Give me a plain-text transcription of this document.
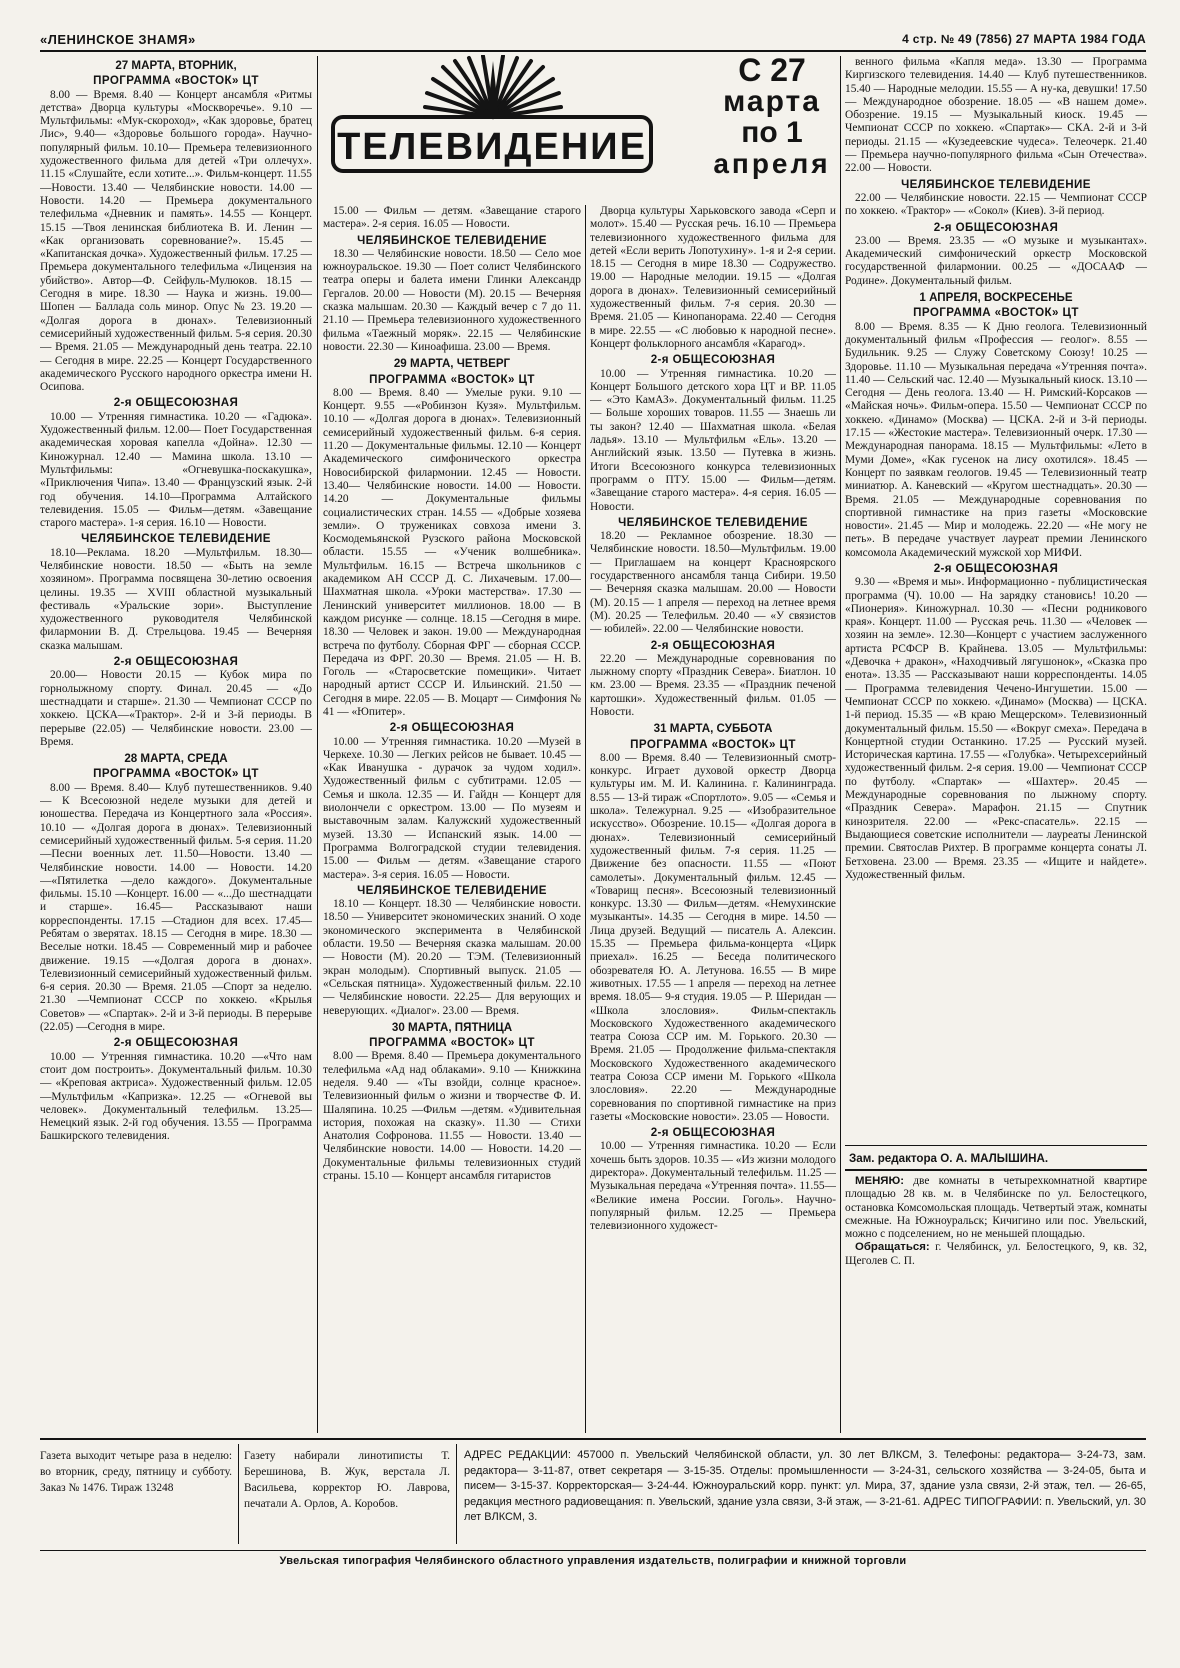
«ЛЕНИНСКОЕ ЗНАМЯ»	4 стр. № 49 (7856) 27 МАРТА 1984 ГОДА
ТЕЛЕВИДЕНИЕ
С 27
марта
по 1
апреля
27 МАРТА, ВТОРНИК,
ПРОГРАММА «ВОСТОК» ЦТ

8.00 — Время. 8.40 — Концерт ансамбля «Ритмы детства» Дворца культуры «Москворечье». 9.10 — Мультфильмы: «Мук-скороход», «Как здоровье, братец Лис», 9.40— «Здоровье большого города». Научно-популярный фильм. 10.10— Премьера телевизионного художественного фильма для детей «Три оллечух». 11.15 «Слушайте, если хотите...». Фильм-концерт. 11.55 —Новости. 13.40 — Челябинские новости. 14.00 — Новости. 14.20 — Премьера документального телефильма «Дневник и память». 14.55 — Концерт. 15.15 —Твоя ленинская библиотека В. И. Ленин — «Как организовать соревнование?». 15.45 — «Капитанская дочка». Художественный фильм. 17.25 — Премьера документального телефильма «Лицензия на убийство». Автор—Ф. Сейфуль-Мулюков. 18.15 — Сегодня в мире. 18.30 — Наука и жизнь. 19.00— Шопен — Баллада соль минор. Опус № 23. 19.20 — «Долгая дорога в дюнах». Телевизионный семисерийный художественный фильм. 5-я серия. 20.30— Время. 21.05 — Международный день театра. 22.10 — Сегодня в мире. 22.25 — Концерт Государственного академического Русского народного оркестра имени Н. Осипова.

2-я ОБЩЕСОЮЗНАЯ

10.00 — Утренняя гимнастика. 10.20 — «Гадюка». Художественный фильм. 12.00— Поет Государственная академическая хоровая капелла «Дойна». 12.30 — Киножурнал. 12.40 — Мамина школа. 13.10 — Мультфильмы: «Огневушка-поскакушка», «Приключения Чипа». 13.40 — Французский язык. 2-й год обучения. 14.10—Программа Алтайского телевидения. 15.05 — Фильм—детям. «Завещание старого мастера». 1-я серия. 16.10 — Новости.

ЧЕЛЯБИНСКОЕ ТЕЛЕВИДЕНИЕ

18.10—Реклама. 18.20 —Мультфильм. 18.30— Челябинские новости. 18.50 — «Быть на земле хозяином». Программа посвящена 30-летию освоения целины. 19.35 — XVIII областной музыкальный фестиваль «Уральские зори». Выступление художественного руководителя Челябинской филармонии В. Д. Стрельцова. 19.45 — Вечерняя сказка малышам.

2-я ОБЩЕСОЮЗНАЯ

20.00— Новости 20.15 — Кубок мира по горнолыжному спорту. Финал. 20.45 — «До шестнадцати и старше». 21.30 — Чемпионат СССР по хоккею. ЦСКА—«Трактор». 2-й и 3-й периоды. В перерыве (22.05) — Челябинские новости. 23.00 — Время.

28 МАРТА, СРЕДА
ПРОГРАММА «ВОСТОК» ЦТ

8.00 — Время. 8.40— Клуб путешественников. 9.40— К Всесоюзной неделе музыки для детей и юношества. Передача из Концертного зала «Россия». 10.10 — «Долгая дорога в дюнах». Телевизионный семисерийный художественный фильм. 5-я серия. 11.20 —Песни военных лет. 11.50—Новости. 13.40 — Челябинские новости. 14.00 — Новости. 14.20 —«Пятилетка —дело каждого». Документальные фильмы. 15.10 —Концерт. 16.00 — «...До шестнадцати и старше». 16.45— Рассказывают наши корреспонденты. 17.15 —Стадион для всех. 17.45—Ребятам о зверятах. 18.15 — Сегодня в мире. 18.30 —Веселые нотки. 18.45 — Современный мир и рабочее движение. 19.15 —«Долгая дорога в дюнах». Телевизионный семисерийный художественный фильм. 6-я серия. 20.30 — Время. 21.05 —Спорт за неделю. 21.30 —Чемпионат СССР по хоккею. «Крылья Советов» — «Спартак». 2-й и 3-й периоды. В перерыве (22.05) —Сегодня в мире.

2-я ОБЩЕСОЮЗНАЯ

10.00 — Утренняя гимнастика. 10.20 —«Что нам стоит дом построить». Документальный фильм. 10.30— «Креповая актриса». Художественный фильм. 12.05—Мультфильм «Капризка». 12.25 — «Огневой вы человек». Документальный телефильм. 13.25— Немецкий язык. 2-й год обучения. 13.55 — Программа Башкирского телевидения.

15.00 — Фильм — детям. «Завещание старого мастера». 2-я серия. 16.05 — Новости.

ЧЕЛЯБИНСКОЕ ТЕЛЕВИДЕНИЕ

18.30 — Челябинские новости. 18.50 — Село мое южноуральское. 19.30 — Поет солист Челябинского театра оперы и балета имени Глинки Александр Гергалов. 20.00 — Новости (М). 20.15 — Вечерняя сказка малышам. 20.30 — Каждый вечер с 7 до 11. 21.10 — Премьера телевизионного художественного фильма «Таежный моряк». 22.15 — Челябинские новости. 22.30 — Киноафиша. 23.00 — Время.

29 МАРТА, ЧЕТВЕРГ
ПРОГРАММА «ВОСТОК» ЦТ

8.00 — Время. 8.40 — Умелые руки. 9.10 — Концерт. 9.55 —«Робинзон Кузя». Мультфильм. 10.10 — «Долгая дорога в дюнах». Телевизионный семисерийный художественный фильм. 6-я серия. 11.20 — Документальные фильмы. 12.10 — Концерт Академического симфонического оркестра Новосибирской филармонии. 12.45 — Новости. 13.40— Челябинские новости. 14.00 — Новости. 14.20 — Документальные фильмы социалистических стран. 14.55 — «Добрые хозяева земли». О тружениках совхоза имени З. Космодемьянской Рузского района Московской области. 15.55 — «Ученик волшебника». Мультфильм. 16.15 — Встреча школьников с академиком АН СССР Д. С. Лихачевым. 17.00— Шахматная школа. «Уроки мастерства». 17.30 — Ленинский университет миллионов. 18.00 — В каждом рисунке — солнце. 18.15 —Сегодня в мире. 18.30 — Человек и закон. 19.00 — Международная встреча по футболу. Сборная ФРГ — сборная СССР. Передача из ФРГ. 20.30 — Время. 21.05 — Н. В. Гоголь — «Старосветские помещики». Читает народный артист СССР И. Ильинский. 21.50 — Сегодня в мире. 22.05 — В. Моцарт — Симфония № 41 — «Юпитер».

2-я ОБЩЕСОЮЗНАЯ

10.00 — Утренняя гимнастика. 10.20 —Музей в Черкехе. 10.30 — Легких рейсов не бывает. 10.45 — «Как Иванушка - дурачок за чудом ходил». Художественный фильм с субтитрами. 12.05 — Семья и школа. 12.35 — И. Гайдн — Концерт для виолончели с оркестром. 13.00 — По музеям и выставочным залам. Калужский художественный музей. 13.30 — Испанский язык. 14.00 — Программа Волгоградской студии телевидения. 15.00 — Фильм — детям. «Завещание старого мастера». 3-я серия. 16.05 — Новости.

ЧЕЛЯБИНСКОЕ ТЕЛЕВИДЕНИЕ

18.10 — Концерт. 18.30 — Челябинские новости. 18.50 — Университет экономических знаний. О ходе экономического эксперимента в Челябинской области. 19.50 — Вечерняя сказка малышам. 20.00 — Новости (М). 20.20 — ТЭМ. (Телевизионный экран молодым). Спортивный выпуск. 21.05 — «Сельская пятница». Художественный фильм. 22.10 — Челябинские новости. 22.25— Для верующих и неверующих. «Диалог». 23.00 — Время.

30 МАРТА, ПЯТНИЦА
ПРОГРАММА «ВОСТОК» ЦТ

8.00 — Время. 8.40 — Премьера документального телефильма «Ад над облаками». 9.10 — Книжкина неделя. 9.40 — «Ты взойди, солнце красное». Телевизионный фильм о жизни и творчестве Ф. И. Шаляпина. 10.25 —Фильм —детям. «Удивительная история, похожая на сказку». 11.30 — Стихи Анатолия Софронова. 11.55 — Новости. 13.40 — Челябинские новости. 14.00 — Новости. 14.20 — Документальные фильмы телевизионных студий страны. 15.10 — Концерт ансамбля гитаристов

Дворца культуры Харьковского завода «Серп и молот». 15.40 — Русская речь. 16.10 — Премьера телевизионного художественного фильма для детей «Если верить Лопотухину». 1-я и 2-я серии. 18.15 — Сегодня в мире 18.30 — Содружество. 19.00 — Народные мелодии. 19.15 — «Долгая дорога в дюнах». Телевизионный семисерийный художественный фильм. 7-я серия. 20.30 — Время. 21.05 — Кинопанорама. 22.40 — Сегодня в мире. 22.55 — «С любовью к народной песне». Концерт фольклорного ансамбля «Карагод».

2-я ОБЩЕСОЮЗНАЯ

10.00 — Утренняя гимнастика. 10.20 — Концерт Большого детского хора ЦТ и ВР. 11.05 — «Это КамАЗ». Документальный фильм. 11.25 — Больше хороших товаров. 11.55 — Знаешь ли ты закон? 12.40 — Шахматная школа. «Белая ладья». 13.10 — Мультфильм «Ель». 13.20 — Английский язык. 13.50 — Путевка в жизнь. Итоги Всесоюзного конкурса телевизионных программ о ПТУ. 15.00 — Фильм—детям. «Завещание старого мастера». 4-я серия. 16.05 — Новости.

ЧЕЛЯБИНСКОЕ ТЕЛЕВИДЕНИЕ

18.20 — Рекламное обозрение. 18.30 — Челябинские новости. 18.50—Мультфильм. 19.00 — Приглашаем на концерт Красноярского государственного ансамбля танца Сибири. 19.50 — Вечерняя сказка малышам. 20.00 — Новости (М). 20.15 — 1 апреля — переход на летнее время (М). 20.25 — Телефильм. 20.40 — «У связистов — юбилей». 22.00 — Челябинские новости.

2-я ОБЩЕСОЮЗНАЯ

22.20 — Международные соревнования по лыжному спорту «Праздник Севера». Биатлон. 10 км. 23.00 — Время. 23.35 — «Праздник печеной картошки». Художественный фильм. 01.05 — Новости.

31 МАРТА, СУББОТА
ПРОГРАММА «ВОСТОК» ЦТ

8.00 — Время. 8.40 — Телевизионный смотр-конкурс. Играет духовой оркестр Дворца культуры им. М. И. Калинина. г. Калининграда. 8.55 — 13-й тираж «Спортлото». 9.05 — «Семья и школа». Тележурнал. 9.25 — «Изобразительное искусство». Обозрение. 10.15— «Долгая дорога в дюнах». Телевизионный семисерийный художественный фильм. 7-я серия. 11.25 — Движение без опасности. 11.55 — «Поют самолеты». Документальный фильм. 12.45 — «Товарищ песня». Всесоюзный телевизионный конкурс. 13.30 — Фильм—детям. «Немухинские музыканты». 14.35 — Сегодня в мире. 14.50 — Лица друзей. Ведущий — писатель А. Алексин. 15.35 — Премьера фильма-концерта «Цирк приехал». 16.25 — Беседа политического обозревателя Ю. А. Летунова. 16.55 — В мире животных. 17.55 — 1 апреля — переход на летнее время. 18.05— 9-я студия. 19.05 — Р. Шеридан — «Школа злословия». Фильм-спектакль Московского Художественного академического театра Союза ССР им. М. Горького. 20.30 —Время. 21.05 — Продолжение фильма-спектакля Московского Художественного академического театра Союза ССР имени М. Горького «Школа злословия». 22.20 — Международные соревнования по спортивной гимнастике на приз газеты «Московские новости». 23.05 — Новости.

2-я ОБЩЕСОЮЗНАЯ

10.00 — Утренняя гимнастика. 10.20 — Если хочешь быть здоров. 10.35 — «Из жизни молодого директора». Документальный телефильм. 11.25 — Музыкальная передача «Утренняя почта». 11.55— «Великие имена России. Гоголь». Научно-популярный фильм. 12.25 — Премьера телевизионного художест-

венного фильма «Капля меда». 13.30 — Программа Киргизского телевидения. 14.40 — Клуб путешественников. 15.40 — Народные мелодии. 15.55 — А ну-ка, девушки! 17.50 — Международное обозрение. 18.05 — «В нашем доме». Обозрение. 19.15 — Музыкальный киоск. 19.45 — Чемпионат СССР по хоккею. «Спартак»— СКА. 2-й и 3-й периоды. 21.15 — «Кузедеевские чудеса». Телеочерк. 21.40 — Премьера научно-популярного фильма «Сын Отечества». 22.00 — Новости.

ЧЕЛЯБИНСКОЕ ТЕЛЕВИДЕНИЕ

22.00 — Челябинские новости. 22.15 — Чемпионат СССР по хоккею. «Трактор» — «Сокол» (Киев). 3-й период.

2-я ОБЩЕСОЮЗНАЯ

23.00 — Время. 23.35 — «О музыке и музыкантах». Академический симфонический оркестр Московской государственной филармонии. 00.25 — «ДОСААФ — Родине». Документальный фильм.

1 АПРЕЛЯ, ВОСКРЕСЕНЬЕ
ПРОГРАММА «ВОСТОК» ЦТ

8.00 — Время. 8.35 — К Дню геолога. Телевизионный документальный фильм «Профессия — геолог». 8.55 — Будильник. 9.25 — Служу Советскому Союзу! 10.25 — Здоровье. 11.10 — Музыкальная передача «Утренняя почта». 11.40 — Сельский час. 12.40 — Музыкальный киоск. 13.10 — Сегодня — День геолога. 13.40 — Н. Римский-Корсаков — «Майская ночь». Фильм-опера. 15.50 — Чемпионат СССР по хоккею. «Динамо» (Москва) — ЦСКА. 2-й и 3-й периоды. 17.15 — «Жестокие мастера». Телевизионный очерк. 17.30 — Международная панорама. 18.15 — Мультфильмы: «Лето в Муми Доме», «Как гусенок на лису охотился». 18.45 — Концерт по заявкам геологов. 19.45 — Телевизионный театр миниатюр. А. Каневский — «Кругом шестнадцать». 20.30 — Время. 21.05 — Международные соревнования по спортивной гимнастике на приз газеты «Московские новости». 21.45 — Мир и молодежь. 22.20 — «Не могу не петь». В передаче участвует лауреат премии Ленинского комсомола Академический мужской хор МИФИ.

2-я ОБЩЕСОЮЗНАЯ

9.30 — «Время и мы». Информационно - публицистическая программа (Ч). 10.00 — На зарядку становись! 10.20 — «Пионерия». Киножурнал. 10.30 — «Песни родникового края». Концерт. 11.00 — Русская речь. 11.30 — «Человек — хозяин на земле». 12.30—Концерт с участием заслуженного артиста РСФСР В. Крайнева. 13.05 — Мультфильмы: «Девочка + дракон», «Находчивый лягушонок», «Сказка про енота». 13.35 — Рассказывают наши корреспонденты. 14.05 — Программа телевидения Чечено-Ингушетии. 15.00 — Чемпионат СССР по хоккею. «Динамо» (Москва) — ЦСКА. 1-й период. 15.35 — «В краю Мещерском». Телевизионный документальный фильм. 15.50 — «Вокруг смеха». Передача в Концертной студии Останкино. 17.25 — Русский музей. Историческая картина. 17.55 — «Голубка». Четырехсерийный художественный фильм. 2-я серия. 19.00 — Чемпионат СССР по футболу. «Спартак» — «Шахтер». 20.45 — Международные соревнования по лыжному спорту. «Праздник Севера». Марафон. 21.15 — Спутник кинозрителя. 22.00 — «Рекс-спасатель». 22.15 — Выдающиеся советские исполнители — лауреаты Ленинской премии. Святослав Рихтер. В программе концерта сонаты Л. Бетховена. 23.00 — Время. 23.35 — «Ищите и найдете». Художественный фильм.

Зам. редактора О. А. МАЛЫШИНА.

МЕНЯЮ: две комнаты в четырехкомнатной квартире площадью 28 кв. м. в Челябинске по ул. Белостецкого, остановка Комсомольская площадь. Четвертый этаж, комнаты смежные. На Южноуральск; Кичигино или пос. Увельский, можно с подселением, но не меньшей площадью.

Обращаться: г. Челябинск, ул. Белостецкого, 9, кв. 32, Щеголев С. П.

Газета выходит четыре раза в неделю: во вторник, среду, пятницу и субботу. Заказ № 1476. Тираж 13248
Газету набирали линотиписты Т. Берешинова, В. Жук, верстала Л. Васильева, корректор Ю. Лаврова, печатали А. Орлов, А. Коробов.
АДРЕС РЕДАКЦИИ: 457000 п. Увельский Челябинской области, ул. 30 лет ВЛКСМ, 3. Телефоны: редактора— 3-24-73, зам. редактора— 3-11-87, ответ секретаря — 3-15-35. Отделы: промышленности — 3-24-31, сельского хозяйства — 3-24-05, быта и писем— 3-15-37. Корректорская— 3-24-44. Южноуральский корр. пункт: ул. Мира, 37, здание узла связи, 2-й этаж, тел. — 26-65, редакция местного радиовещания: п. Увельский, здание узла связи, 3-й этаж, — 3-21-61. АДРЕС ТИПОГРАФИИ: п. Увельский, ул. 30 лет ВЛКСМ, 3.
Увельская типография Челябинского областного управления издательств, полиграфии и книжной торговли
